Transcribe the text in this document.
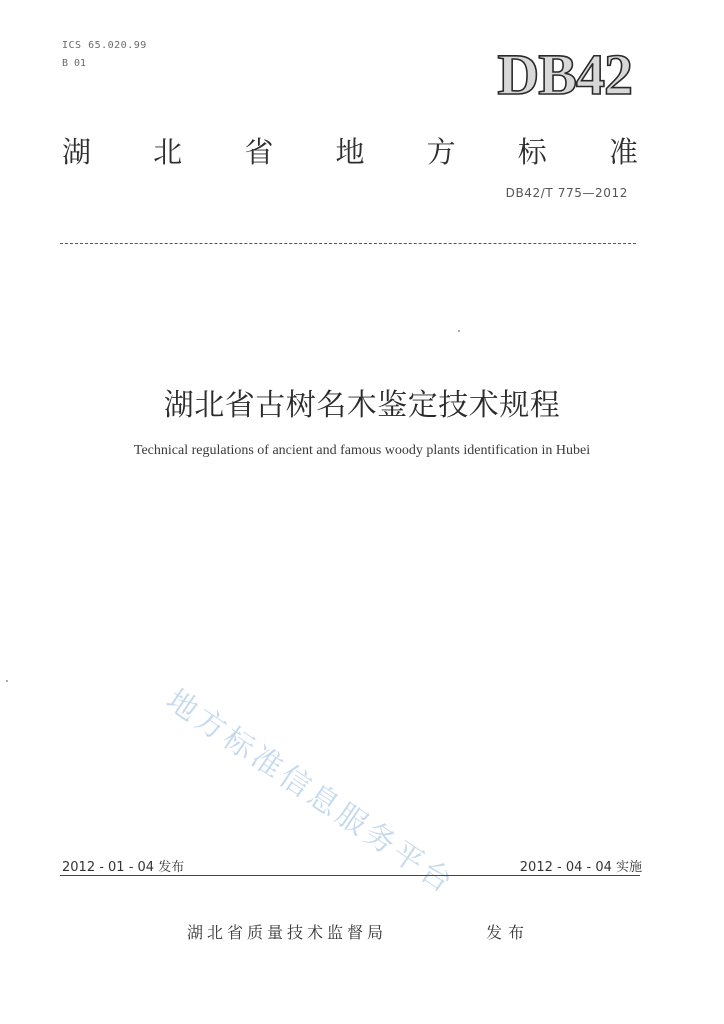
ICS 65.020.99
B 01	DB42
湖 北 省 地 方 标 准
DB42/T 775—2012
湖北省古树名木鉴定技术规程
Technical regulations of ancient and famous woody plants identification in Hubei
地方标准信息服务平台
2012 - 01 - 04 发布	2012 - 04 - 04 实施
湖北省质量技术监督局	发布
